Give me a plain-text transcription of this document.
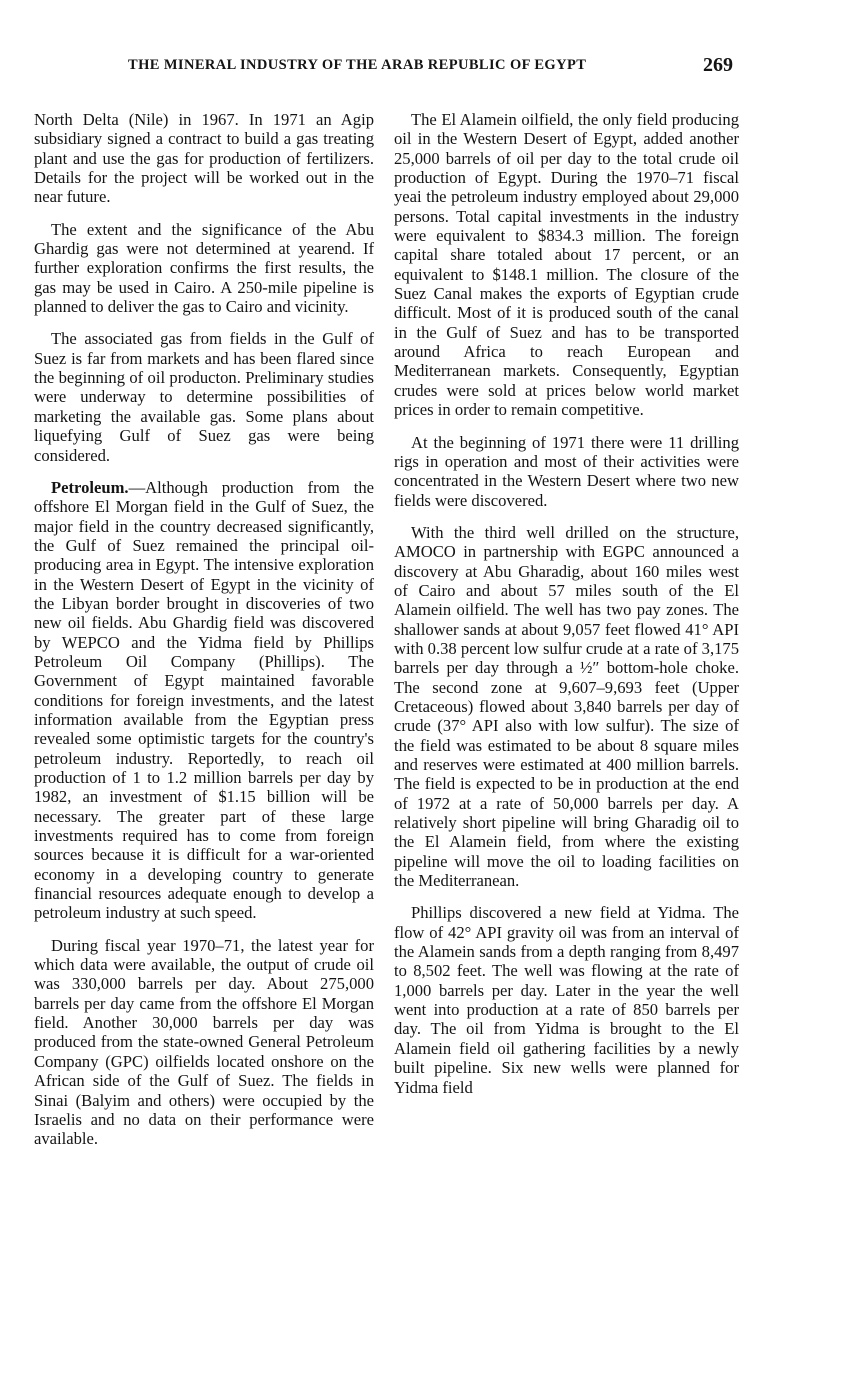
THE MINERAL INDUSTRY OF THE ARAB REPUBLIC OF EGYPT	269

North Delta (Nile) in 1967. In 1971 an Agip subsidiary signed a contract to build a gas treating plant and use the gas for production of fertilizers. Details for the project will be worked out in the near future.

The extent and the significance of the Abu Ghardig gas were not determined at yearend. If further exploration confirms the first results, the gas may be used in Cairo. A 250-mile pipeline is planned to deliver the gas to Cairo and vicinity.

The associated gas from fields in the Gulf of Suez is far from markets and has been flared since the beginning of oil producton. Preliminary studies were underway to determine possibilities of marketing the available gas. Some plans about liquefying Gulf of Suez gas were being considered.

Petroleum.—Although production from the offshore El Morgan field in the Gulf of Suez, the major field in the country decreased significantly, the Gulf of Suez remained the principal oil-producing area in Egypt. The intensive exploration in the Western Desert of Egypt in the vicinity of the Libyan border brought in discoveries of two new oil fields. Abu Ghardig field was discovered by WEPCO and the Yidma field by Phillips Petroleum Oil Company (Phillips). The Government of Egypt maintained favorable conditions for foreign investments, and the latest information available from the Egyptian press revealed some optimistic targets for the country's petroleum industry. Reportedly, to reach oil production of 1 to 1.2 million barrels per day by 1982, an investment of $1.15 billion will be necessary. The greater part of these large investments required has to come from foreign sources because it is difficult for a war-oriented economy in a developing country to generate financial resources adequate enough to develop a petroleum industry at such speed.

During fiscal year 1970–71, the latest year for which data were available, the output of crude oil was 330,000 barrels per day. About 275,000 barrels per day came from the offshore El Morgan field. Another 30,000 barrels per day was produced from the state-owned General Petroleum Company (GPC) oilfields located onshore on the African side of the Gulf of Suez. The fields in Sinai (Balyim and others) were occupied by the Israelis and no data on their performance were available.

The El Alamein oilfield, the only field producing oil in the Western Desert of Egypt, added another 25,000 barrels of oil per day to the total crude oil production of Egypt. During the 1970–71 fiscal yeai the petroleum industry employed about 29,000 persons. Total capital investments in the industry were equivalent to $834.3 million. The foreign capital share totaled about 17 percent, or an equivalent to $148.1 million. The closure of the Suez Canal makes the exports of Egyptian crude difficult. Most of it is produced south of the canal in the Gulf of Suez and has to be transported around Africa to reach European and Mediterranean markets. Consequently, Egyptian crudes were sold at prices below world market prices in order to remain competitive.

At the beginning of 1971 there were 11 drilling rigs in operation and most of their activities were concentrated in the Western Desert where two new fields were discovered.

With the third well drilled on the structure, AMOCO in partnership with EGPC announced a discovery at Abu Gharadig, about 160 miles west of Cairo and about 57 miles south of the El Alamein oilfield. The well has two pay zones. The shallower sands at about 9,057 feet flowed 41° API with 0.38 percent low sulfur crude at a rate of 3,175 barrels per day through a ½″ bottom-hole choke. The second zone at 9,607–9,693 feet (Upper Cretaceous) flowed about 3,840 barrels per day of crude (37° API also with low sulfur). The size of the field was estimated to be about 8 square miles and reserves were estimated at 400 million barrels. The field is expected to be in production at the end of 1972 at a rate of 50,000 barrels per day. A relatively short pipeline will bring Gharadig oil to the El Alamein field, from where the existing pipeline will move the oil to loading facilities on the Mediterranean.

Phillips discovered a new field at Yidma. The flow of 42° API gravity oil was from an interval of the Alamein sands from a depth ranging from 8,497 to 8,502 feet. The well was flowing at the rate of 1,000 barrels per day. Later in the year the well went into production at a rate of 850 barrels per day. The oil from Yidma is brought to the El Alamein field oil gathering facilities by a newly built pipeline. Six new wells were planned for Yidma field
